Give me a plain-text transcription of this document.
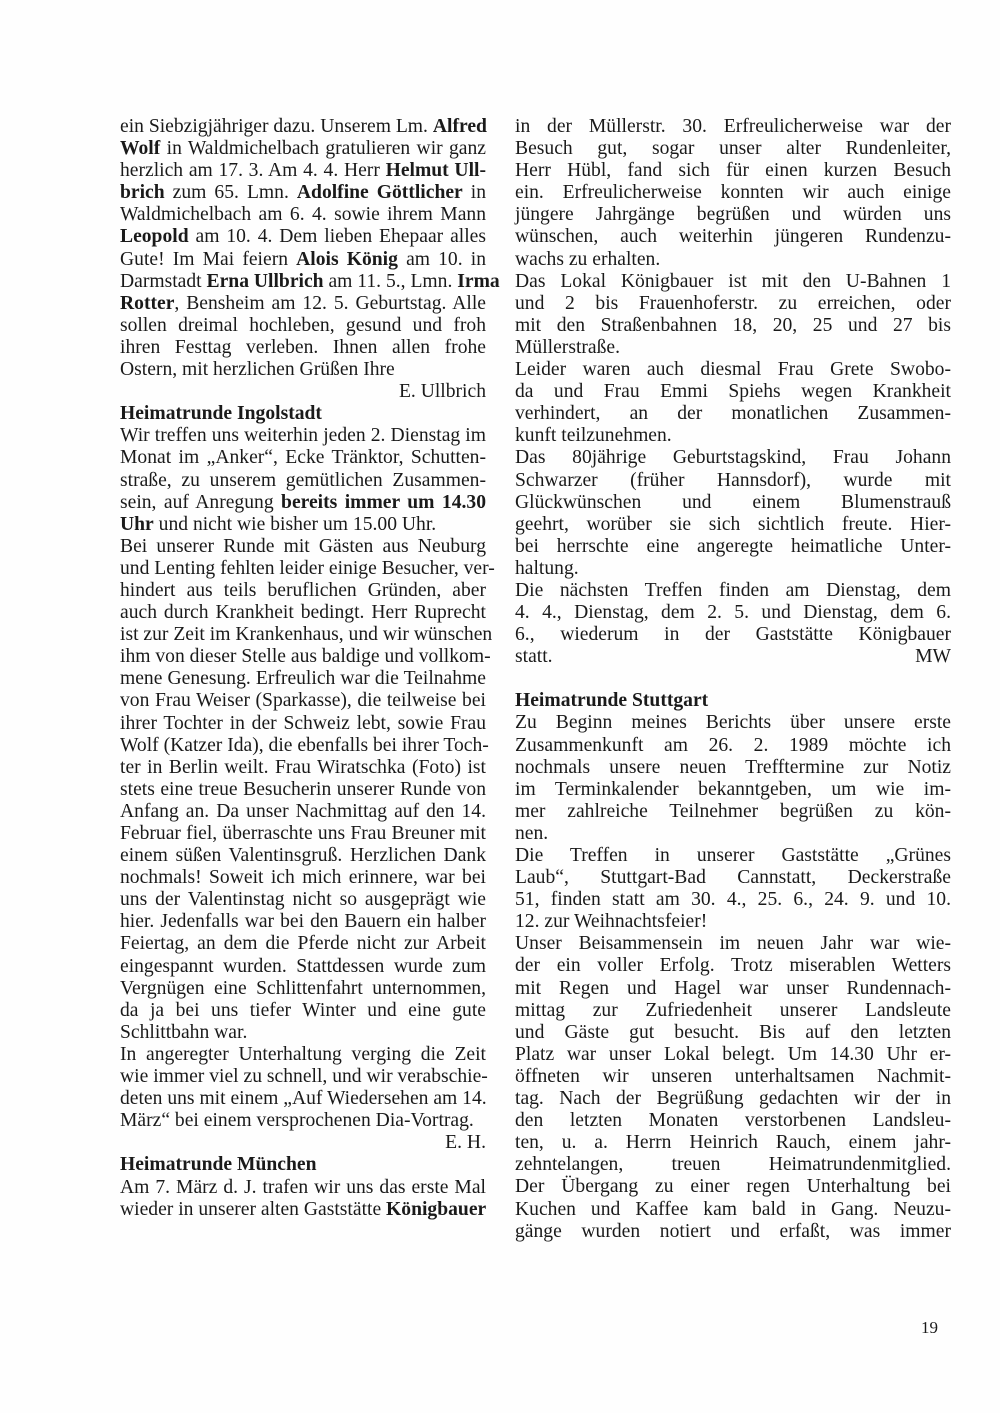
ein Siebzigjähriger dazu. Unserem Lm. Alfred
Wolf in Waldmichelbach gratulieren wir ganz
herzlich am 17. 3. Am 4. 4. Herr Helmut Ull-
brich zum 65. Lmn. Adolfine Göttlicher in
Waldmichelbach am 6. 4. sowie ihrem Mann
Leopold am 10. 4. Dem lieben Ehepaar alles
Gute! Im Mai feiern Alois König am 10. in
Darmstadt Erna Ullbrich am 11. 5., Lmn. Irma
Rotter, Bensheim am 12. 5. Geburtstag. Alle
sollen dreimal hochleben, gesund und froh
ihren Festtag verleben. Ihnen allen frohe
Ostern, mit herzlichen Grüßen Ihre
E. Ullbrich
Heimatrunde Ingolstadt
Wir treffen uns weiterhin jeden 2. Dienstag im
Monat im „Anker“, Ecke Tränktor, Schutten-
straße, zu unserem gemütlichen Zusammen-
sein, auf Anregung bereits immer um 14.30
Uhr und nicht wie bisher um 15.00 Uhr.
Bei unserer Runde mit Gästen aus Neuburg
und Lenting fehlten leider einige Besucher, ver-
hindert aus teils beruflichen Gründen, aber
auch durch Krankheit bedingt. Herr Ruprecht
ist zur Zeit im Krankenhaus, und wir wünschen
ihm von dieser Stelle aus baldige und vollkom-
mene Genesung. Erfreulich war die Teilnahme
von Frau Weiser (Sparkasse), die teilweise bei
ihrer Tochter in der Schweiz lebt, sowie Frau
Wolf (Katzer Ida), die ebenfalls bei ihrer Toch-
ter in Berlin weilt. Frau Wiratschka (Foto) ist
stets eine treue Besucherin unserer Runde von
Anfang an. Da unser Nachmittag auf den 14.
Februar fiel, überraschte uns Frau Breuner mit
einem süßen Valentinsgruß. Herzlichen Dank
nochmals! Soweit ich mich erinnere, war bei
uns der Valentinstag nicht so ausgeprägt wie
hier. Jedenfalls war bei den Bauern ein halber
Feiertag, an dem die Pferde nicht zur Arbeit
eingespannt wurden. Stattdessen wurde zum
Vergnügen eine Schlittenfahrt unternommen,
da ja bei uns tiefer Winter und eine gute
Schlittbahn war.
In angeregter Unterhaltung verging die Zeit
wie immer viel zu schnell, und wir verabschie-
deten uns mit einem „Auf Wiedersehen am 14.
März“ bei einem versprochenen Dia-Vortrag.
E. H.
Heimatrunde München
Am 7. März d. J. trafen wir uns das erste Mal
wieder in unserer alten Gaststätte Königbauer
in der Müllerstr. 30. Erfreulicherweise war der
Besuch gut, sogar unser alter Rundenleiter,
Herr Hübl, fand sich für einen kurzen Besuch
ein. Erfreulicherweise konnten wir auch einige
jüngere Jahrgänge begrüßen und würden uns
wünschen, auch weiterhin jüngeren Rundenzu-
wachs zu erhalten.
Das Lokal Königbauer ist mit den U-Bahnen 1
und 2 bis Frauenhoferstr. zu erreichen, oder
mit den Straßenbahnen 18, 20, 25 und 27 bis
Müllerstraße.
Leider waren auch diesmal Frau Grete Swobo-
da und Frau Emmi Spiehs wegen Krankheit
verhindert, an der monatlichen Zusammen-
kunft teilzunehmen.
Das 80jährige Geburtstagskind, Frau Johann
Schwarzer (früher Hannsdorf), wurde mit
Glückwünschen und einem Blumenstrauß
geehrt, worüber sie sich sichtlich freute. Hier-
bei herrschte eine angeregte heimatliche Unter-
haltung.
Die nächsten Treffen finden am Dienstag, dem
4. 4., Dienstag, dem 2. 5. und Dienstag, dem 6.
6., wiederum in der Gaststätte Königbauer
statt.	MW
Heimatrunde Stuttgart
Zu Beginn meines Berichts über unsere erste
Zusammenkunft am 26. 2. 1989 möchte ich
nochmals unsere neuen Trefftermine zur Notiz
im Terminkalender bekanntgeben, um wie im-
mer zahlreiche Teilnehmer begrüßen zu kön-
nen.
Die Treffen in unserer Gaststätte „Grünes
Laub“, Stuttgart-Bad Cannstatt, Deckerstraße
51, finden statt am 30. 4., 25. 6., 24. 9. und 10.
12. zur Weihnachtsfeier!
Unser Beisammensein im neuen Jahr war wie-
der ein voller Erfolg. Trotz miserablen Wetters
mit Regen und Hagel war unser Rundennach-
mittag zur Zufriedenheit unserer Landsleute
und Gäste gut besucht. Bis auf den letzten
Platz war unser Lokal belegt. Um 14.30 Uhr er-
öffneten wir unseren unterhaltsamen Nachmit-
tag. Nach der Begrüßung gedachten wir der in
den letzten Monaten verstorbenen Landsleu-
ten, u. a. Herrn Heinrich Rauch, einem jahr-
zehntelangen, treuen Heimatrundenmitglied.
Der Übergang zu einer regen Unterhaltung bei
Kuchen und Kaffee kam bald in Gang. Neuzu-
gänge wurden notiert und erfaßt, was immer
19
